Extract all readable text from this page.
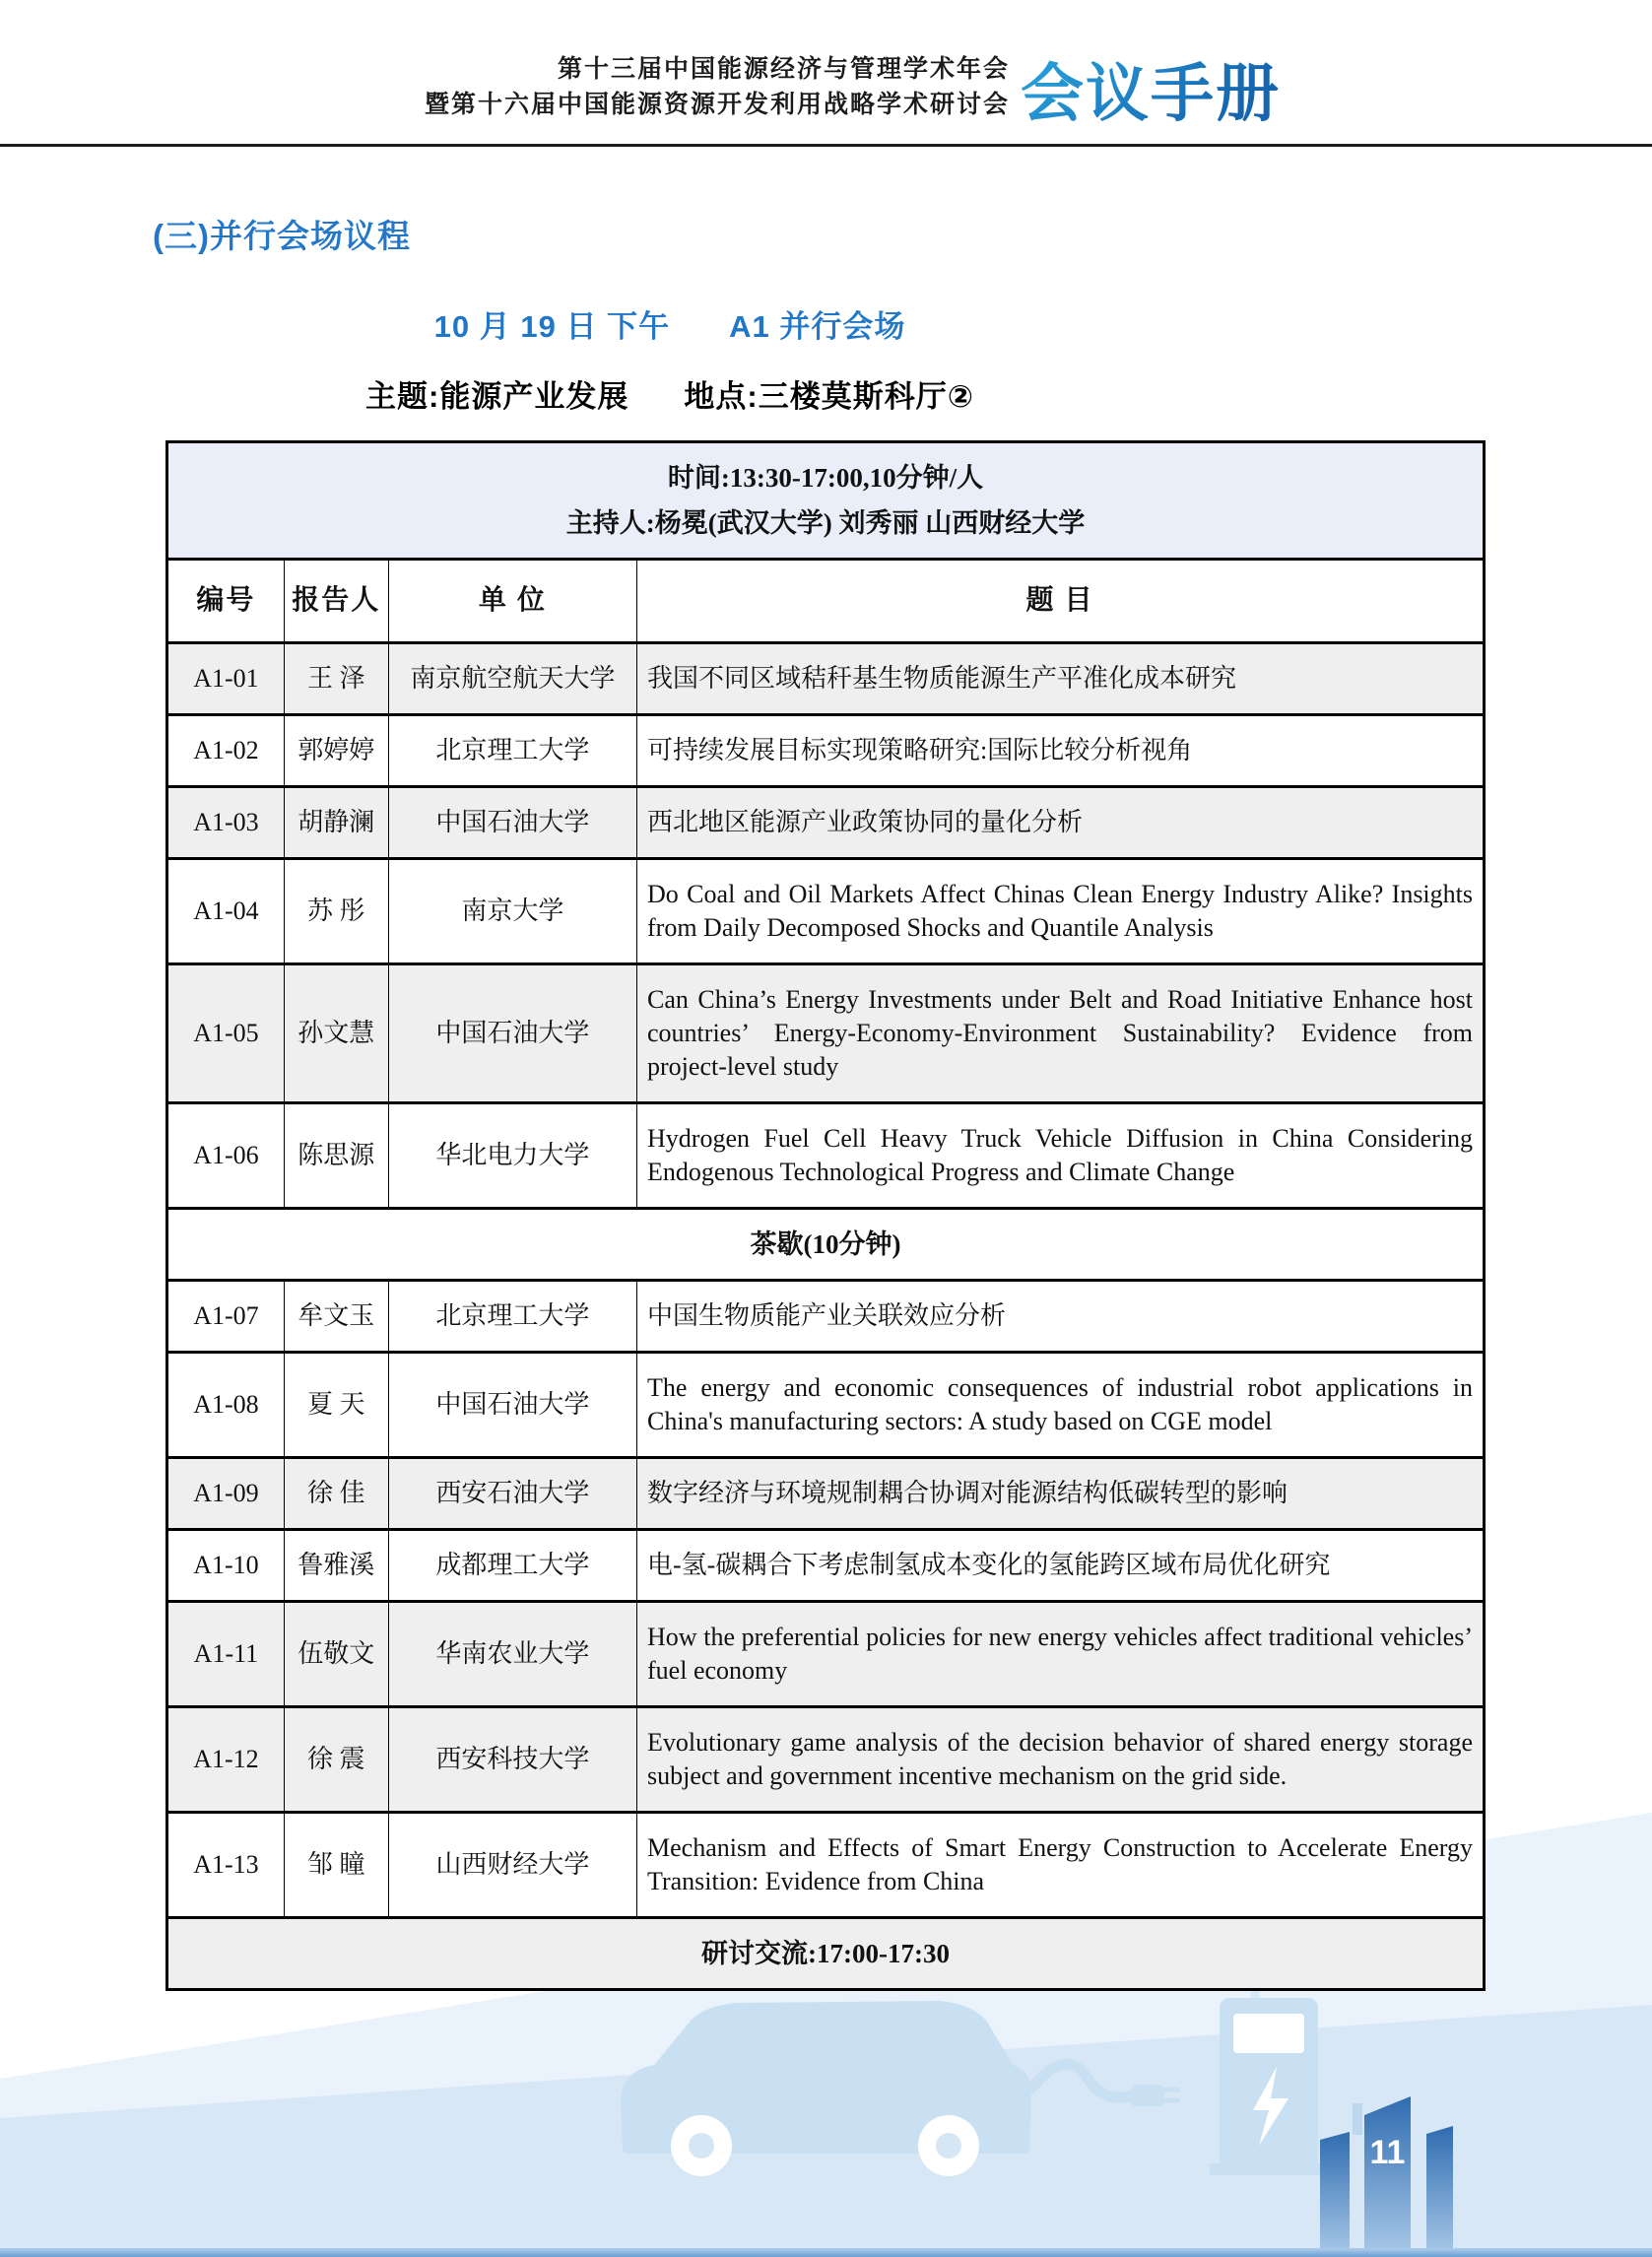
第十三届中国能源经济与管理学术年会
暨第十六届中国能源资源开发利用战略学术研讨会 会议手册
(三)并行会场议程
10 月 19 日 下午 A1 并行会场
主题:能源产业发展 地点:三楼莫斯科厅②
时间:13:30-17:00,10分钟/人
主持人:杨冕(武汉大学) 刘秀丽 山西财经大学			

编号	报告人	单 位	题 目
A1-01	王 泽	南京航空航天大学	我国不同区域秸秆基生物质能源生产平准化成本研究
A1-02	郭婷婷	北京理工大学	可持续发展目标实现策略研究:国际比较分析视角
A1-03	胡静澜	中国石油大学	西北地区能源产业政策协同的量化分析
A1-04	苏 彤	南京大学	Do Coal and Oil Markets Affect Chinas Clean Energy Industry Alike? Insights from Daily Decomposed Shocks and Quantile Analysis
A1-05	孙文慧	中国石油大学	Can China’s Energy Investments under Belt and Road Initiative Enhance host countries’ Energy-Economy-Environment Sustainability? Evidence from project-level study
A1-06	陈思源	华北电力大学	Hydrogen Fuel Cell Heavy Truck Vehicle Diffusion in China Considering Endogenous Technological Progress and Climate Change
茶歇(10分钟)			
A1-07	牟文玉	北京理工大学	中国生物质能产业关联效应分析
A1-08	夏 天	中国石油大学	The energy and economic consequences of industrial robot applications in China's manufacturing sectors: A study based on CGE model
A1-09	徐 佳	西安石油大学	数字经济与环境规制耦合协调对能源结构低碳转型的影响
A1-10	鲁雅溪	成都理工大学	电-氢-碳耦合下考虑制氢成本变化的氢能跨区域布局优化研究
A1-11	伍敬文	华南农业大学	How the preferential policies for new energy vehicles affect traditional vehicles’ fuel economy
A1-12	徐 震	西安科技大学	Evolutionary game analysis of the decision behavior of shared energy storage subject and government incentive mechanism on the grid side.
A1-13	邹 瞳	山西财经大学	Mechanism and Effects of Smart Energy Construction to Accelerate Energy Transition: Evidence from China
研讨交流:17:00-17:30			
11
